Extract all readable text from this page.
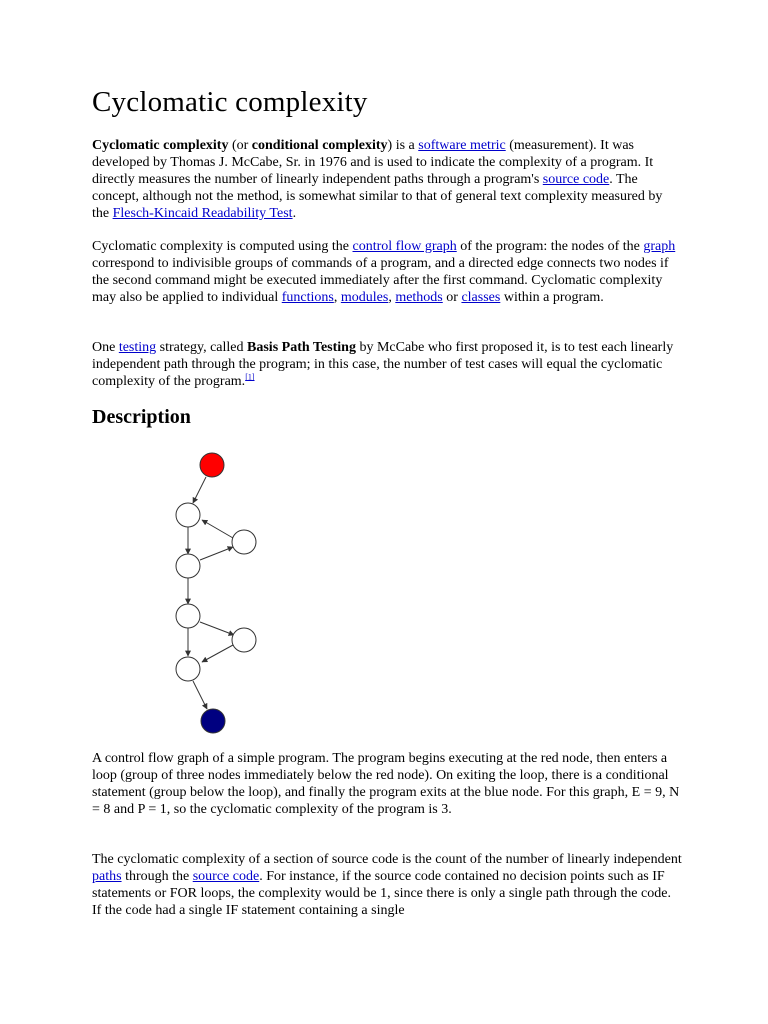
Cyclomatic complexity

Cyclomatic complexity (or conditional complexity) is a software metric (measurement). It was developed by Thomas J. McCabe, Sr. in 1976 and is used to indicate the complexity of a program. It directly measures the number of linearly independent paths through a program's source code. The concept, although not the method, is somewhat similar to that of general text complexity measured by the Flesch-Kincaid Readability Test.

Cyclomatic complexity is computed using the control flow graph of the program: the nodes of the graph correspond to indivisible groups of commands of a program, and a directed edge connects two nodes if the second command might be executed immediately after the first command. Cyclomatic complexity may also be applied to individual functions, modules, methods or classes within a program.

One testing strategy, called Basis Path Testing by McCabe who first proposed it, is to test each linearly independent path through the program; in this case, the number of test cases will equal the cyclomatic complexity of the program.[1]

Description

A control flow graph of a simple program. The program begins executing at the red node, then enters a loop (group of three nodes immediately below the red node). On exiting the loop, there is a conditional statement (group below the loop), and finally the program exits at the blue node. For this graph, E = 9, N = 8 and P = 1, so the cyclomatic complexity of the program is 3.

The cyclomatic complexity of a section of source code is the count of the number of linearly independent paths through the source code. For instance, if the source code contained no decision points such as IF statements or FOR loops, the complexity would be 1, since there is only a single path through the code. If the code had a single IF statement containing a single
